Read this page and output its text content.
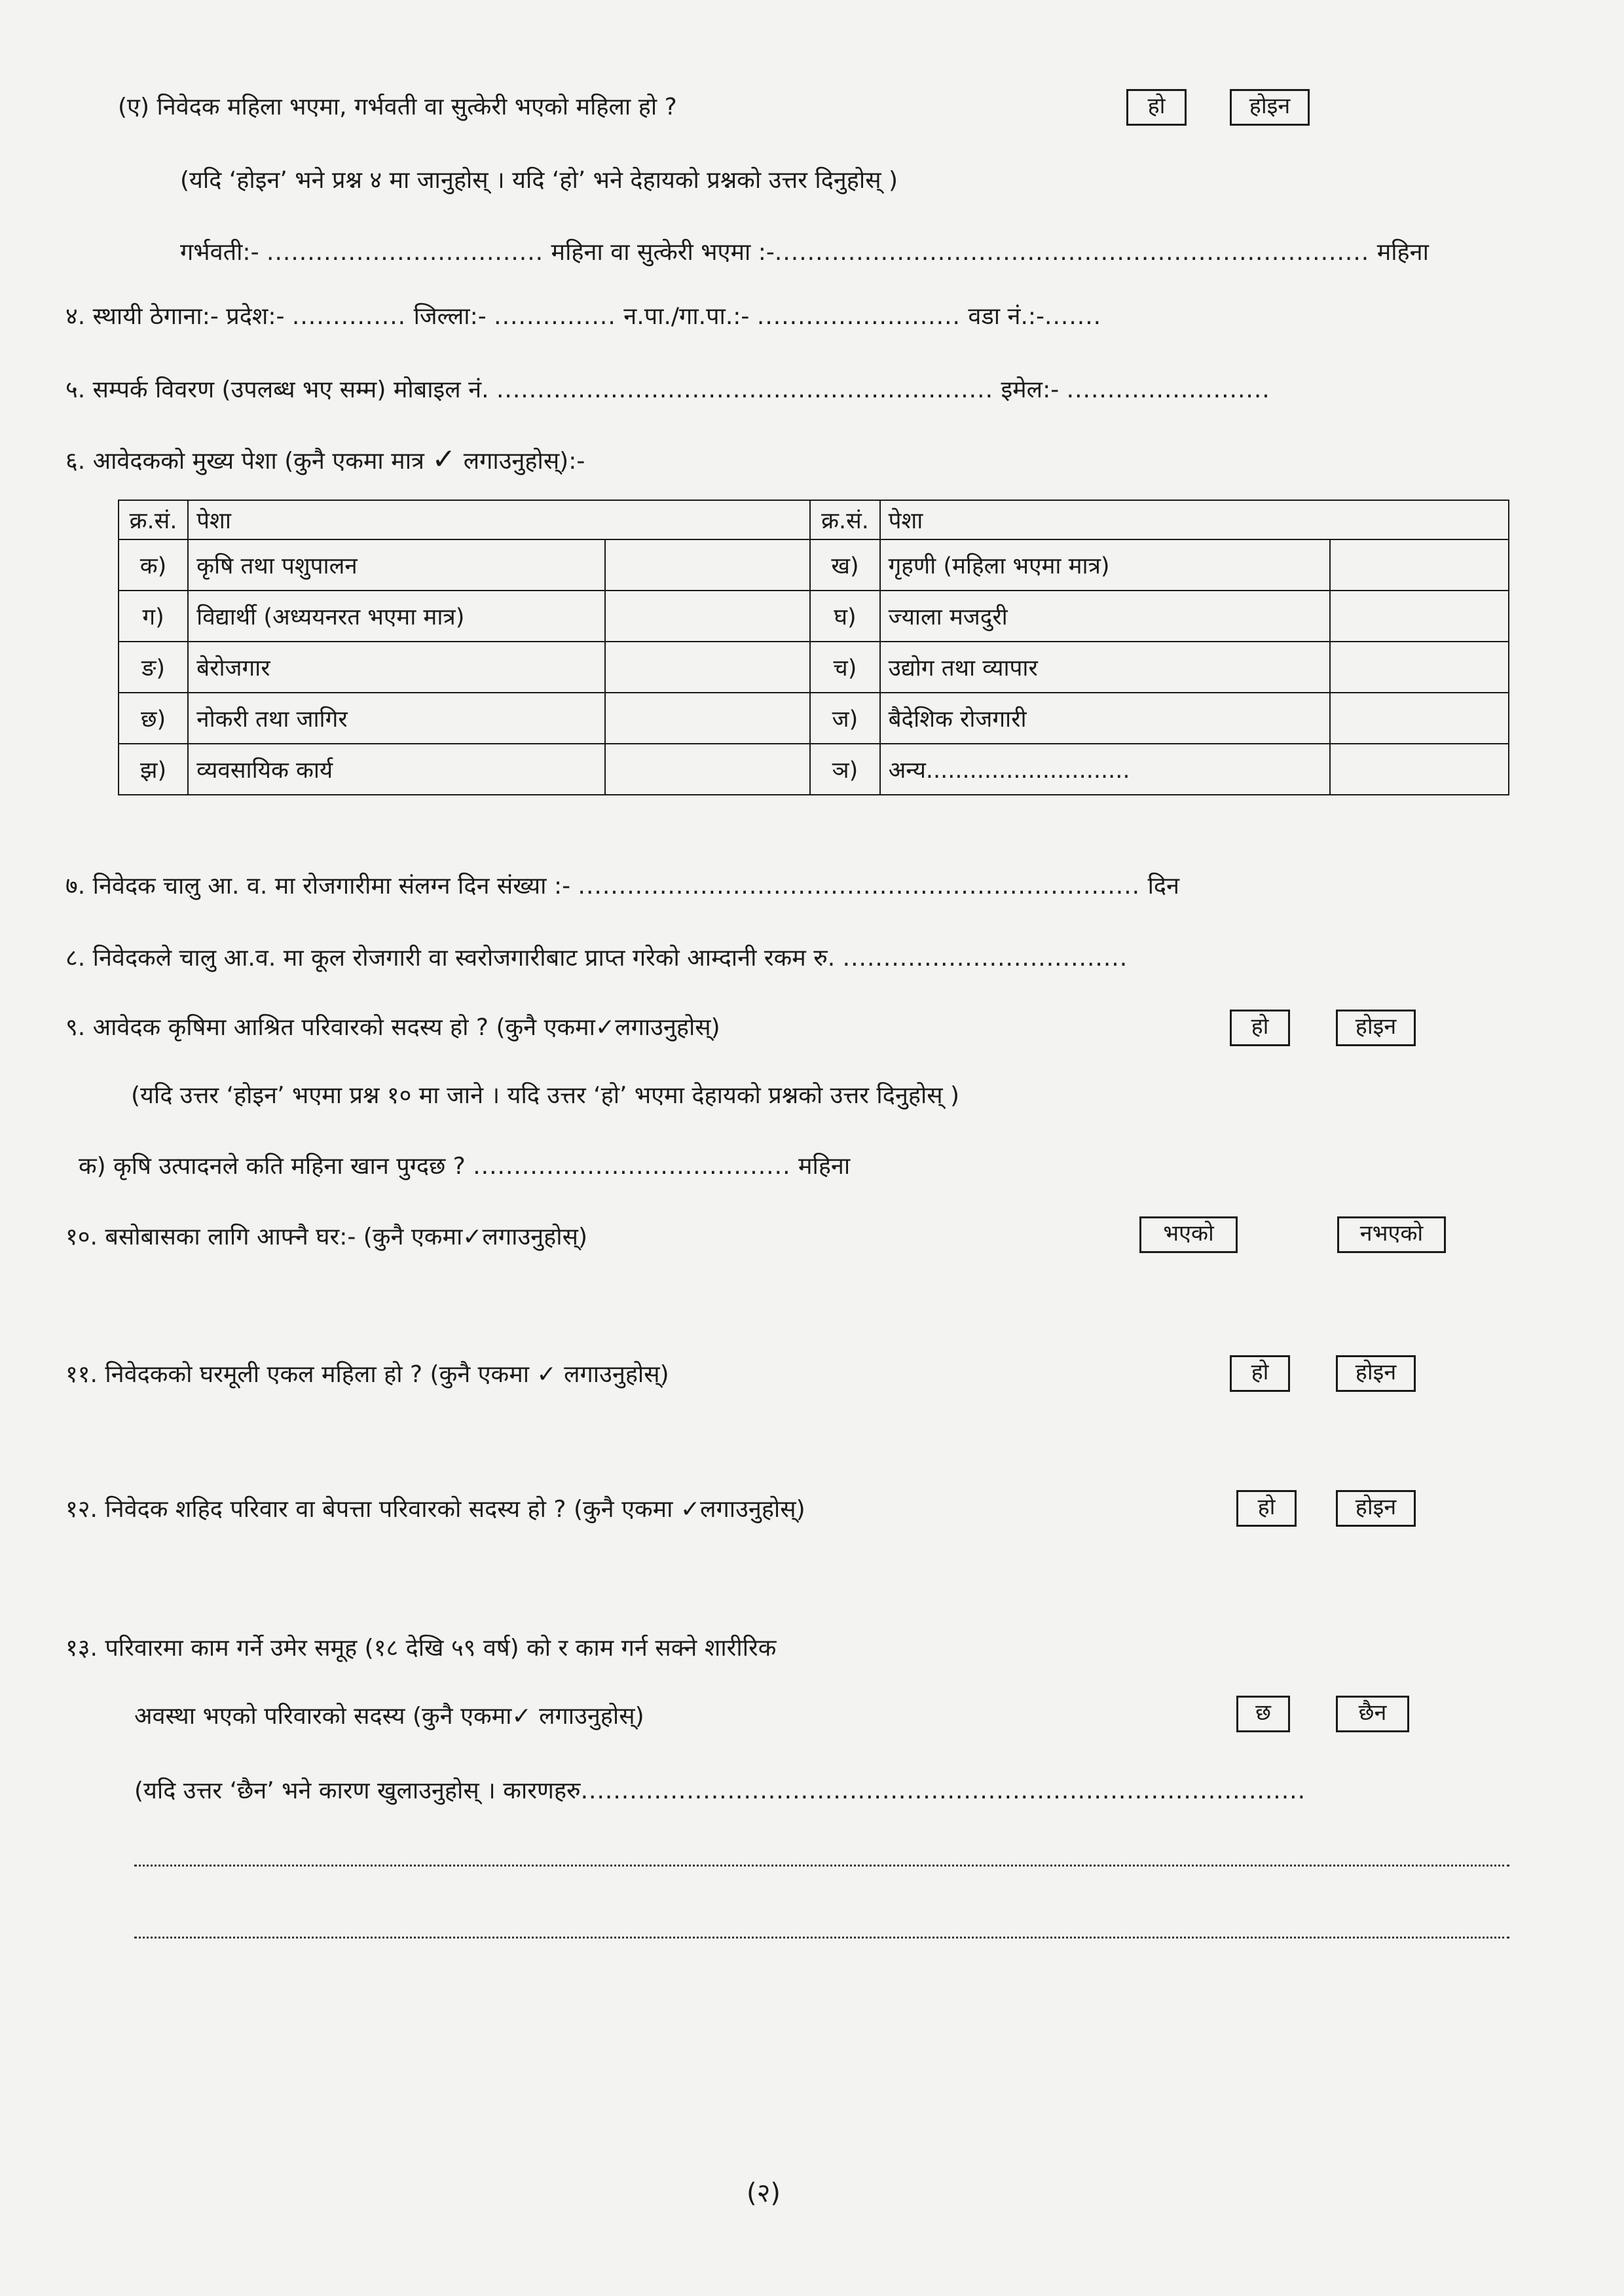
(ए) निवेदक महिला भएमा, गर्भवती वा सुत्केरी भएको महिला हो ?	हो	होइन
(यदि ‘होइन’ भने प्रश्न ४ मा जानुहोस् । यदि ‘हो’ भने देहायको प्रश्नको उत्तर दिनुहोस् )
गर्भवती:- .................................. महिना वा सुत्केरी भएमा :-......................................................................... महिना
४. स्थायी ठेगाना:- प्रदेश:- .............. जिल्ला:- ............... न.पा./गा.पा.:- ......................... वडा नं.:-.......
५. सम्पर्क विवरण (उपलब्ध भए सम्म) मोबाइल नं. ............................................................. इमेल:- .........................
६. आवेदकको मुख्य पेशा (कुनै एकमा मात्र ✓ लगाउनुहोस्):-
क्र.सं.	पेशा		क्र.सं.	पेशा	
क)	कृषि तथा पशुपालन		ख)	गृहणी (महिला भएमा मात्र)	
ग)	विद्यार्थी (अध्ययनरत भएमा मात्र)		घ)	ज्याला मजदुरी	
ङ)	बेरोजगार		च)	उद्योग तथा व्यापार	
छ)	नोकरी तथा जागिर		ज)	बैदेशिक रोजगारी	
झ)	व्यवसायिक कार्य		ञ)	अन्य............................	
७. निवेदक चालु आ. व. मा रोजगारीमा संलग्न दिन संख्या :- ..................................................................... दिन
८. निवेदकले चालु आ.व. मा कूल रोजगारी वा स्वरोजगारीबाट प्राप्त गरेको आम्दानी रकम रु. ...................................
९. आवेदक कृषिमा आश्रित परिवारको सदस्य हो ? (कुनै एकमा✓लगाउनुहोस्)	हो	होइन
(यदि उत्तर ‘होइन’ भएमा प्रश्न १० मा जाने । यदि उत्तर ‘हो’ भएमा देहायको प्रश्नको उत्तर दिनुहोस् )
क) कृषि उत्पादनले कति महिना खान पुग्दछ ? ....................................... महिना
१०. बसोबासका लागि आफ्नै घर:- (कुनै एकमा✓लगाउनुहोस्)	भएको	नभएको
११. निवेदकको घरमूली एकल महिला हो ? (कुनै एकमा ✓ लगाउनुहोस्)	हो	होइन
१२. निवेदक शहिद परिवार वा बेपत्ता परिवारको सदस्य हो ? (कुनै एकमा ✓लगाउनुहोस्)	हो	होइन
१३. परिवारमा काम गर्ने उमेर समूह (१८ देखि ५९ वर्ष) को र काम गर्न सक्ने शारीरिक
अवस्था भएको परिवारको सदस्य (कुनै एकमा✓ लगाउनुहोस्)	छ	छैन
(यदि उत्तर ‘छैन’ भने कारण खुलाउनुहोस् । कारणहरु.........................................................................................
(२)
